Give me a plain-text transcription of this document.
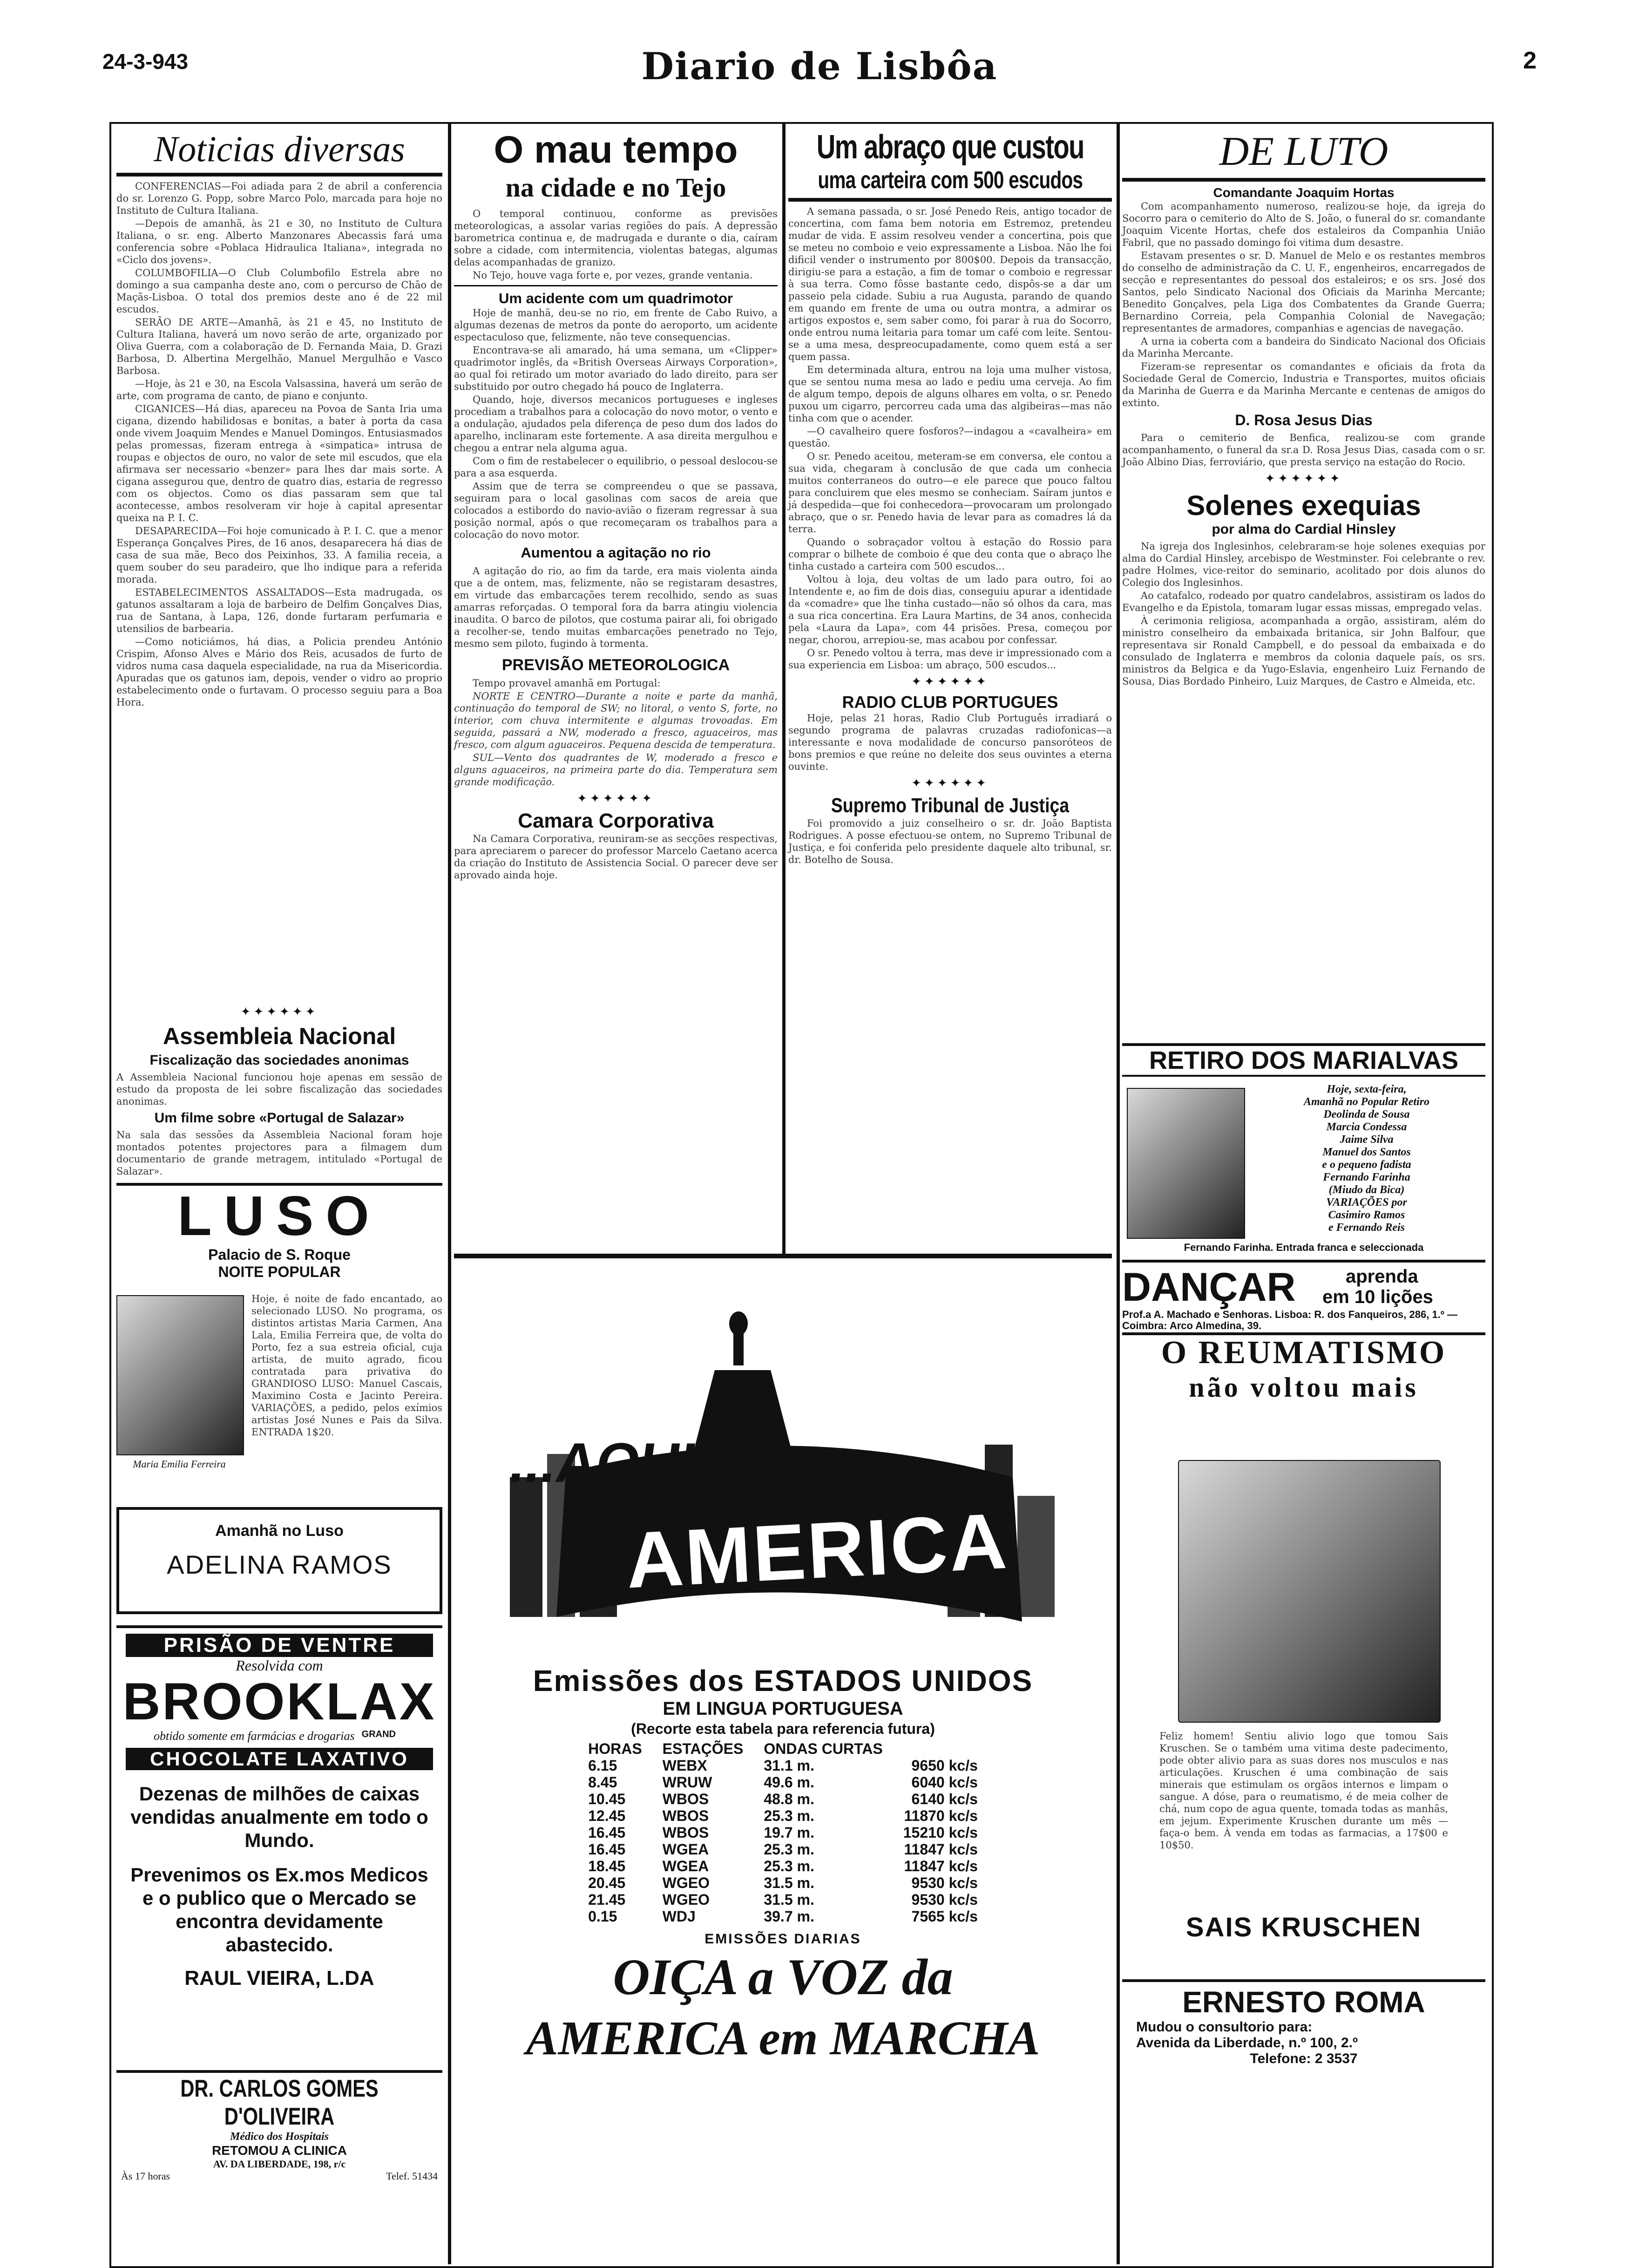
24-3-943	Diario de Lisbôa	2
Noticias diversas

CONFERENCIAS—Foi adiada para 2 de abril a conferencia do sr. Lorenzo G. Popp, sobre Marco Polo, marcada para hoje no Instituto de Cultura Italiana.

—Depois de amanhã, às 21 e 30, no Instituto de Cultura Italiana, o sr. eng. Alberto Manzonares Abecassis fará uma conferencia sobre «Poblaca Hidraulica Italiana», integrada no «Ciclo dos jovens».

COLUMBOFILIA—O Club Columbofilo Estrela abre no domingo a sua campanha deste ano, com o percurso de Chão de Maçãs-Lisboa. O total dos premios deste ano é de 22 mil escudos.

SERÃO DE ARTE—Amanhã, às 21 e 45, no Instituto de Cultura Italiana, haverá um novo serão de arte, organizado por Oliva Guerra, com a colaboração de D. Fernanda Maia, D. Grazi Barbosa, D. Albertina Mergelhão, Manuel Mergulhão e Vasco Barbosa.

—Hoje, às 21 e 30, na Escola Valsassina, haverá um serão de arte, com programa de canto, de piano e conjunto.

CIGANICES—Há dias, apareceu na Povoa de Santa Iria uma cigana, dizendo habilidosas e bonitas, a bater à porta da casa onde vivem Joaquim Mendes e Manuel Domingos. Entusiasmados pelas promessas, fizeram entrega à «simpatica» intrusa de roupas e objectos de ouro, no valor de sete mil escudos, que ela afirmava ser necessario «benzer» para lhes dar mais sorte. A cigana assegurou que, dentro de quatro dias, estaria de regresso com os objectos. Como os dias passaram sem que tal acontecesse, ambos resolveram vir hoje à capital apresentar queixa na P. I. C.

DESAPARECIDA—Foi hoje comunicado à P. I. C. que a menor Esperança Gonçalves Pires, de 16 anos, desaparecera há dias de casa de sua mãe, Beco dos Peixinhos, 33. A familia receia, a quem souber do seu paradeiro, que lho indique para a referida morada.

ESTABELECIMENTOS ASSALTADOS—Esta madrugada, os gatunos assaltaram a loja de barbeiro de Delfim Gonçalves Dias, rua de Santana, à Lapa, 126, donde furtaram perfumaria e utensilios de barbearia.

—Como noticiámos, há dias, a Policia prendeu António Crispim, Afonso Alves e Mário dos Reis, acusados de furto de vidros numa casa daquela especialidade, na rua da Misericordia. Apuradas que os gatunos iam, depois, vender o vidro ao proprio estabelecimento onde o furtavam. O processo seguiu para a Boa Hora.

✦✦✦✦✦✦
Assembleia Nacional
Fiscalização das sociedades anonimas

A Assembleia Nacional funcionou hoje apenas em sessão de estudo da proposta de lei sobre fiscalização das sociedades anonimas.

Um filme sobre «Portugal de Salazar»

Na sala das sessões da Assembleia Nacional foram hoje montados potentes projectores para a filmagem dum documentario de grande metragem, intitulado «Portugal de Salazar».

LUSO
Palacio de S. Roque
NOITE POPULAR
Maria Emilia Ferreira

Hoje, é noite de fado encantado, ao selecionado LUSO. No programa, os distintos artistas Maria Carmen, Ana Lala, Emilia Ferreira que, de volta do Porto, fez a sua estreia oficial, cuja artista, de muito agrado, ficou contratada para privativa do GRANDIOSO LUSO: Manuel Cascais, Maximino Costa e Jacinto Pereira. VARIAÇÕES, a pedido, pelos exímios artistas José Nunes e Pais da Silva. ENTRADA 1$20.

Amanhã no Luso
ADELINA RAMOS
PRISÃO DE VENTRE
Resolvida com
BROOKLAX
obtido somente em farmácias e drogarias GRAND
CHOCOLATE LAXATIVO
Dezenas de milhões de caixas vendidas anualmente em todo o Mundo.
Prevenimos os Ex.mos Medicos e o publico que o Mercado se encontra devidamente abastecido.
RAUL VIEIRA, L.DA
DR. CARLOS GOMES D'OLIVEIRA
Médico dos Hospitais
RETOMOU A CLINICA
AV. DA LIBERDADE, 198, r/c
Às 17 horas	Telef. 51434
O mau tempo
na cidade e no Tejo

O temporal continuou, conforme as previsões meteorologicas, a assolar varias regiões do país. A depressão barometrica continua e, de madrugada e durante o dia, caíram sobre a cidade, com intermitencia, violentas bategas, algumas delas acompanhadas de granizo.

No Tejo, houve vaga forte e, por vezes, grande ventania.

Um acidente com um quadrimotor

Hoje de manhã, deu-se no rio, em frente de Cabo Ruivo, a algumas dezenas de metros da ponte do aeroporto, um acidente espectaculoso que, felizmente, não teve consequencias.

Encontrava-se ali amarado, há uma semana, um «Clipper» quadrimotor inglês, da «British Overseas Airways Corporation», ao qual foi retirado um motor avariado do lado direito, para ser substituido por outro chegado há pouco de Inglaterra.

Quando, hoje, diversos mecanicos portugueses e ingleses procediam a trabalhos para a colocação do novo motor, o vento e a ondulação, ajudados pela diferença de peso dum dos lados do aparelho, inclinaram este fortemente. A asa direita mergulhou e chegou a entrar nela alguma agua.

Com o fim de restabelecer o equilibrio, o pessoal deslocou-se para a asa esquerda.

Assim que de terra se compreendeu o que se passava, seguiram para o local gasolinas com sacos de areia que colocados a estibordo do navio-avião o fizeram regressar à sua posição normal, após o que recomeçaram os trabalhos para a colocação do novo motor.

Aumentou a agitação no rio

A agitação do rio, ao fim da tarde, era mais violenta ainda que a de ontem, mas, felizmente, não se registaram desastres, em virtude das embarcações terem recolhido, sendo as suas amarras reforçadas. O temporal fora da barra atingiu violencia inaudita. O barco de pilotos, que costuma pairar ali, foi obrigado a recolher-se, tendo muitas embarcações penetrado no Tejo, mesmo sem piloto, fugindo à tormenta.

PREVISÃO METEOROLOGICA

Tempo provavel amanhã em Portugal:

NORTE E CENTRO—Durante a noite e parte da manhã, continuação do temporal de SW; no litoral, o vento S, forte, no interior, com chuva intermitente e algumas trovoadas. Em seguida, passará a NW, moderado a fresco, aguaceiros, mas fresco, com algum aguaceiros. Pequena descida de temperatura.

SUL—Vento dos quadrantes de W, moderado a fresco e alguns aguaceiros, na primeira parte do dia. Temperatura sem grande modificação.

✦✦✦✦✦✦
Camara Corporativa

Na Camara Corporativa, reuniram-se as secções respectivas, para apreciarem o parecer do professor Marcelo Caetano acerca da criação do Instituto de Assistencia Social. O parecer deve ser aprovado ainda hoje.

Um abraço que custou
uma carteira com 500 escudos

A semana passada, o sr. José Penedo Reis, antigo tocador de concertina, com fama bem notoria em Estremoz, pretendeu mudar de vida. E assim resolveu vender a concertina, pois que se meteu no comboio e veio expressamente a Lisboa. Não lhe foi dificil vender o instrumento por 800$00. Depois da transacção, dirigiu-se para a estação, a fim de tomar o comboio e regressar à sua terra. Como fôsse bastante cedo, dispôs-se a dar um passeio pela cidade. Subiu a rua Augusta, parando de quando em quando em frente de uma ou outra montra, a admirar os artigos expostos e, sem saber como, foi parar à rua do Socorro, onde entrou numa leitaria para tomar um café com leite. Sentou-se a uma mesa, despreocupadamente, como quem está a ser quem passa.

Em determinada altura, entrou na loja uma mulher vistosa, que se sentou numa mesa ao lado e pediu uma cerveja. Ao fim de algum tempo, depois de alguns olhares em volta, o sr. Penedo puxou um cigarro, percorreu cada uma das algibeiras—mas não tinha com que o acender.

—O cavalheiro quere fosforos?—indagou a «cavalheira» em questão.

O sr. Penedo aceitou, meteram-se em conversa, ele contou a sua vida, chegaram à conclusão de que cada um conhecia muitos conterraneos do outro—e ele parece que pouco faltou para concluirem que eles mesmo se conheciam. Saíram juntos e já despedida—que foi conhecedora—provocaram um prolongado abraço, que o sr. Penedo havia de levar para as comadres lá da terra.

Quando o sobraçador voltou à estação do Rossio para comprar o bilhete de comboio é que deu conta que o abraço lhe tinha custado a carteira com 500 escudos...

Voltou à loja, deu voltas de um lado para outro, foi ao Intendente e, ao fim de dois dias, conseguiu apurar a identidade da «comadre» que lhe tinha custado—não só olhos da cara, mas a sua rica concertina. Era Laura Martins, de 34 anos, conhecida pela «Laura da Lapa», com 44 prisões. Presa, começou por negar, chorou, arrepiou-se, mas acabou por confessar.

O sr. Penedo voltou à terra, mas deve ir impressionado com a sua experiencia em Lisboa: um abraço, 500 escudos...

✦✦✦✦✦✦
RADIO CLUB PORTUGUES

Hoje, pelas 21 horas, Radio Club Português irradiará o segundo programa de palavras cruzadas radiofonicas—a interessante e nova modalidade de concurso pansoróteos de bons premios e que reúne no deleite dos seus ouvintes a eterna ouvinte.

✦✦✦✦✦✦
Supremo Tribunal de Justiça

Foi promovido a juiz conselheiro o sr. dr. João Baptista Rodrigues. A posse efectuou-se ontem, no Supremo Tribunal de Justiça, e foi conferida pelo presidente daquele alto tribunal, sr. dr. Botelho de Sousa.

...AQUI
AMERICA
Emissões dos ESTADOS UNIDOS
EM LINGUA PORTUGUESA
(Recorte esta tabela para referencia futura)
HORAS	ESTAÇÕES	ONDAS CURTAS	
6.15	WEBX	31.1 m.	9650 kc/s
8.45	WRUW	49.6 m.	6040 kc/s
10.45	WBOS	48.8 m.	6140 kc/s
12.45	WBOS	25.3 m.	11870 kc/s
16.45	WBOS	19.7 m.	15210 kc/s
16.45	WGEA	25.3 m.	11847 kc/s
18.45	WGEA	25.3 m.	11847 kc/s
20.45	WGEO	31.5 m.	9530 kc/s
21.45	WGEO	31.5 m.	9530 kc/s
0.15	WDJ	39.7 m.	7565 kc/s
EMISSÕES DIARIAS
OIÇA a VOZ da
AMERICA em MARCHA
DE LUTO
Comandante Joaquim Hortas

Com acompanhamento numeroso, realizou-se hoje, da igreja do Socorro para o cemiterio do Alto de S. João, o funeral do sr. comandante Joaquim Vicente Hortas, chefe dos estaleiros da Companhia União Fabril, que no passado domingo foi vitima dum desastre.

Estavam presentes o sr. D. Manuel de Melo e os restantes membros do conselho de administração da C. U. F., engenheiros, encarregados de secção e representantes do pessoal dos estaleiros; e os srs. José dos Santos, pelo Sindicato Nacional dos Oficiais da Marinha Mercante; Benedito Gonçalves, pela Liga dos Combatentes da Grande Guerra; Bernardino Correia, pela Companhia Colonial de Navegação; representantes de armadores, companhias e agencias de navegação.

A urna ia coberta com a bandeira do Sindicato Nacional dos Oficiais da Marinha Mercante.

Fizeram-se representar os comandantes e oficiais da frota da Sociedade Geral de Comercio, Industria e Transportes, muitos oficiais da Marinha de Guerra e da Marinha Mercante e centenas de amigos do extinto.

D. Rosa Jesus Dias

Para o cemiterio de Benfica, realizou-se com grande acompanhamento, o funeral da sr.a D. Rosa Jesus Dias, casada com o sr. João Albino Dias, ferroviário, que presta serviço na estação do Rocio.

✦✦✦✦✦✦
Solenes exequias
por alma do Cardial Hinsley

Na igreja dos Inglesinhos, celebraram-se hoje solenes exequias por alma do Cardial Hinsley, arcebispo de Westminster. Foi celebrante o rev. padre Holmes, vice-reitor do seminario, acolitado por dois alunos do Colegio dos Inglesinhos.

Ao catafalco, rodeado por quatro candelabros, assistiram os lados do Evangelho e da Epistola, tomaram lugar essas missas, empregado velas.

À cerimonia religiosa, acompanhada a orgão, assistiram, além do ministro conselheiro da embaixada britanica, sir John Balfour, que representava sir Ronald Campbell, e do pessoal da embaixada e do consulado de Inglaterra e membros da colonia daquele país, os srs. ministros da Belgica e da Yugo-Eslavia, engenheiro Luiz Fernando de Sousa, Dias Bordado Pinheiro, Luiz Marques, de Castro e Almeida, etc.

RETIRO DOS MARIALVAS
Hoje, sexta-feira,
Amanhã no Popular Retiro
Deolinda de Sousa
Marcia Condessa
Jaime Silva
Manuel dos Santos
e o pequeno fadista
Fernando Farinha
(Miudo da Bica)
VARIAÇÕES por
Casimiro Ramos
e Fernando Reis
Fernando Farinha. Entrada franca e seleccionada
DANÇAR	aprenda
em 10 lições
Prof.a A. Machado e Senhoras. Lisboa: R. dos Fanqueiros, 286, 1.º — Coimbra: Arco Almedina, 39.
O REUMATISMO
não voltou mais

Feliz homem! Sentiu alivio logo que tomou Sais Kruschen. Se o também uma vitima deste padecimento, pode obter alivio para as suas dores nos musculos e nas articulações. Kruschen é uma combinação de sais minerais que estimulam os orgãos internos e limpam o sangue. A dóse, para o reumatismo, é de meia colher de chá, num copo de agua quente, tomada todas as manhãs, em jejum. Experimente Kruschen durante um mês — faça-o bem. À venda em todas as farmacias, a 17$00 e 10$50.

SAIS KRUSCHEN
ERNESTO ROMA
Mudou o consultorio para:
Avenida da Liberdade, n.º 100, 2.º
Telefone: 2 3537
